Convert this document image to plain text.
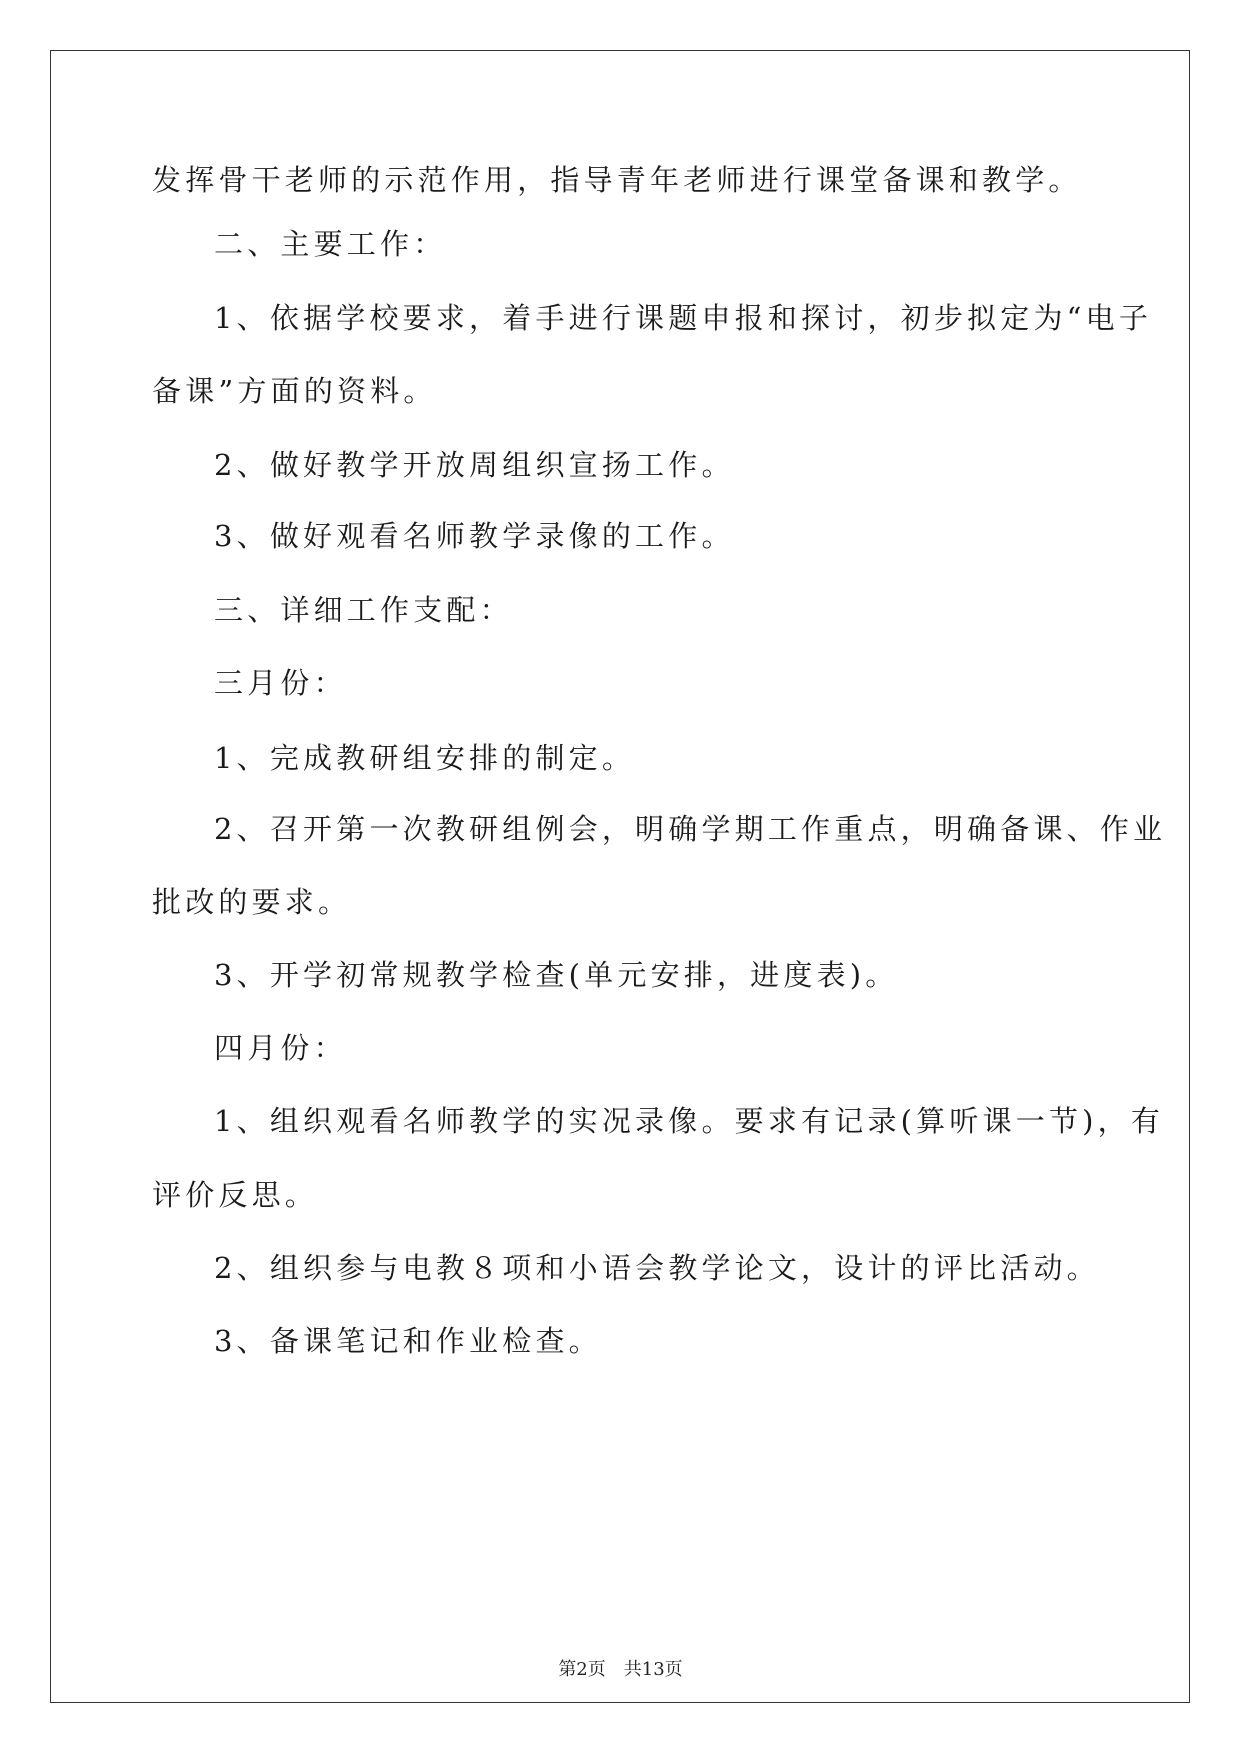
发挥骨干老师的示范作用，指导青年老师进行课堂备课和教学。
二、主要工作：
1、依据学校要求，着手进行课题申报和探讨，初步拟定为“电子
备课”方面的资料。
2、做好教学开放周组织宣扬工作。
3、做好观看名师教学录像的工作。
三、详细工作支配：
三月份：
1、完成教研组安排的制定。
2、召开第一次教研组例会，明确学期工作重点，明确备课、作业
批改的要求。
3、开学初常规教学检查(单元安排，进度表)。
四月份：
1、组织观看名师教学的实况录像。要求有记录(算听课一节)，有
评价反思。
2、组织参与电教８项和小语会教学论文，设计的评比活动。
3、备课笔记和作业检查。
第2页　共13页
